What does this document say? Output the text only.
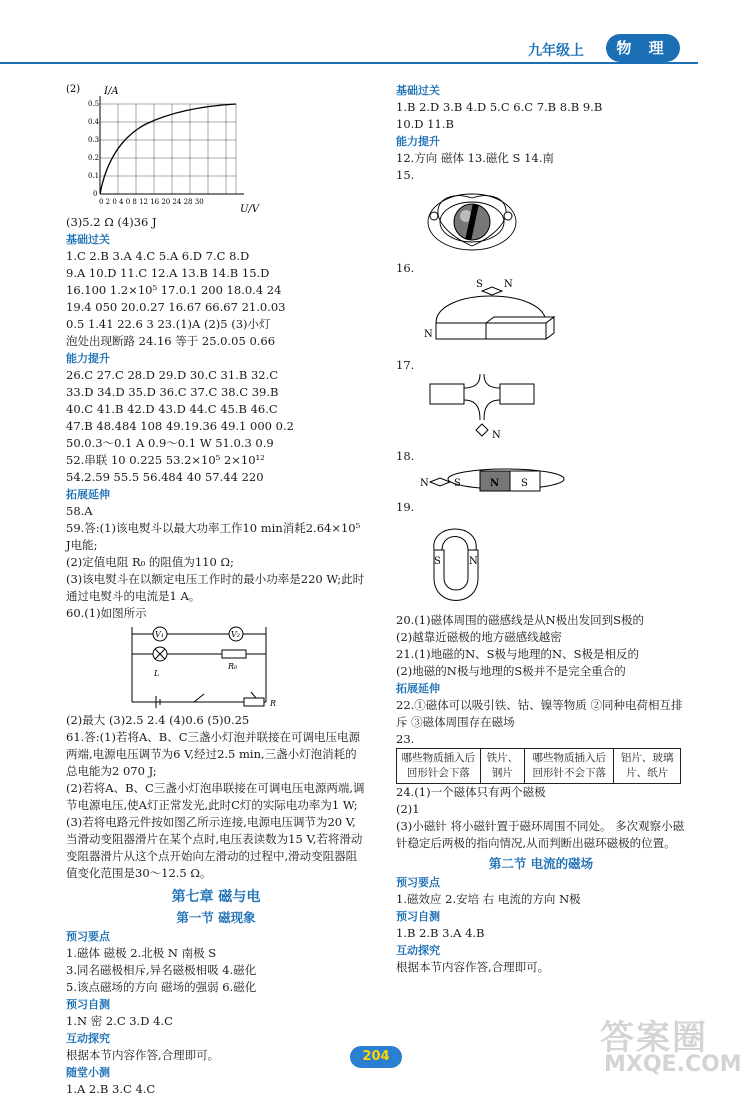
九年级上	物 理
(2) I/A
0.5
0.4
0.3
0.2
0.1
0
0 2 0 4 0 8 12 16 20 24 28 30
U/V

(3)5.2 Ω (4)36 J

基础过关

1.C 2.B 3.A 4.C 5.A 6.D 7.C 8.D

9.A 10.D 11.C 12.A 13.B 14.B 15.D

16.100 1.2×10⁵ 17.0.1 200 18.0.4 24

19.4 050 20.0.27 16.67 66.67 21.0.03

0.5 1.41 22.6 3 23.(1)A (2)5 (3)小灯

泡处出现断路 24.16 等于 25.0.05 0.66

能力提升

26.C 27.C 28.D 29.D 30.C 31.B 32.C

33.D 34.D 35.D 36.C 37.C 38.C 39.B

40.C 41.B 42.D 43.D 44.C 45.B 46.C

47.B 48.484 108 49.19.36 49.1 000 0.2

50.0.3～0.1 A 0.9～0.1 W 51.0.3 0.9

52.串联 10 0.225 53.2×10⁵ 2×10¹²

54.2.59 55.5 56.484 40 57.44 220

拓展延伸

58.A

59.答:(1)该电熨斗以最大功率工作10 min消耗2.64×10⁵ J电能;

(2)定值电阻 R₀ 的阻值为110 Ω;

(3)该电熨斗在以额定电压工作时的最小功率是220 W;此时通过电熨斗的电流是1 A。

60.(1)如图所示

V₁	V₂
L
R₀
R

(2)最大 (3)2.5 2.4 (4)0.6 (5)0.25

61.答:(1)若将A、B、C三盏小灯泡并联接在可调电压电源两端,电源电压调节为6 V,经过2.5 min,三盏小灯泡消耗的总电能为2 070 J;

(2)若将A、B、C三盏小灯泡串联接在可调电压电源两端,调节电源电压,使A灯正常发光,此时C灯的实际电功率为1 W;

(3)若将电路元件按如图乙所示连接,电源电压调节为20 V,当滑动变阻器滑片在某个点时,电压表读数为15 V,若将滑动变阻器滑片从这个点开始向左滑动的过程中,滑动变阻器阻值变化范围是30～12.5 Ω。

第七章 磁与电

第一节 磁现象

预习要点

1.磁体 磁极 2.北极 N 南极 S

3.同名磁极相斥,异名磁极相吸 4.磁化

5.该点磁场的方向 磁场的强弱 6.磁化

预习自测

1.N 密 2.C 3.D 4.C

互动探究

根据本节内容作答,合理即可。

随堂小测

1.A 2.B 3.C 4.C

基础过关

1.B 2.D 3.B 4.D 5.C 6.C 7.B 8.B 9.B

10.D 11.B

能力提升

12.方向 磁体 13.磁化 S 14.南

15.

16.

S N
N

17.

N

18.

N	S	N S

19.

S	N

20.(1)磁体周围的磁感线是从N极出发回到S极的

(2)越靠近磁极的地方磁感线越密

21.(1)地磁的N、S极与地理的N、S极是相反的

(2)地磁的N极与地理的S极并不是完全重合的

拓展延伸

22.①磁体可以吸引铁、钴、镍等物质 ②同种电荷相互排斥 ③磁体周围存在磁场

23.

哪些物质插入后回形针会下落	铁片、钢片	哪些物质插入后回形针不会下落	铝片、玻璃片、纸片

24.(1)一个磁体只有两个磁极

(2)1

(3)小磁针 将小磁针置于磁环周围不同处。 多次观察小磁针稳定后两极的指向情况,从而判断出磁环磁极的位置。

第二节 电流的磁场

预习要点

1.磁效应 2.安培 右 电流的方向 N极

预习自测

1.B 2.B 3.A 4.B

互动探究

根据本节内容作答,合理即可。

204	答案圈
MXQE.COM
